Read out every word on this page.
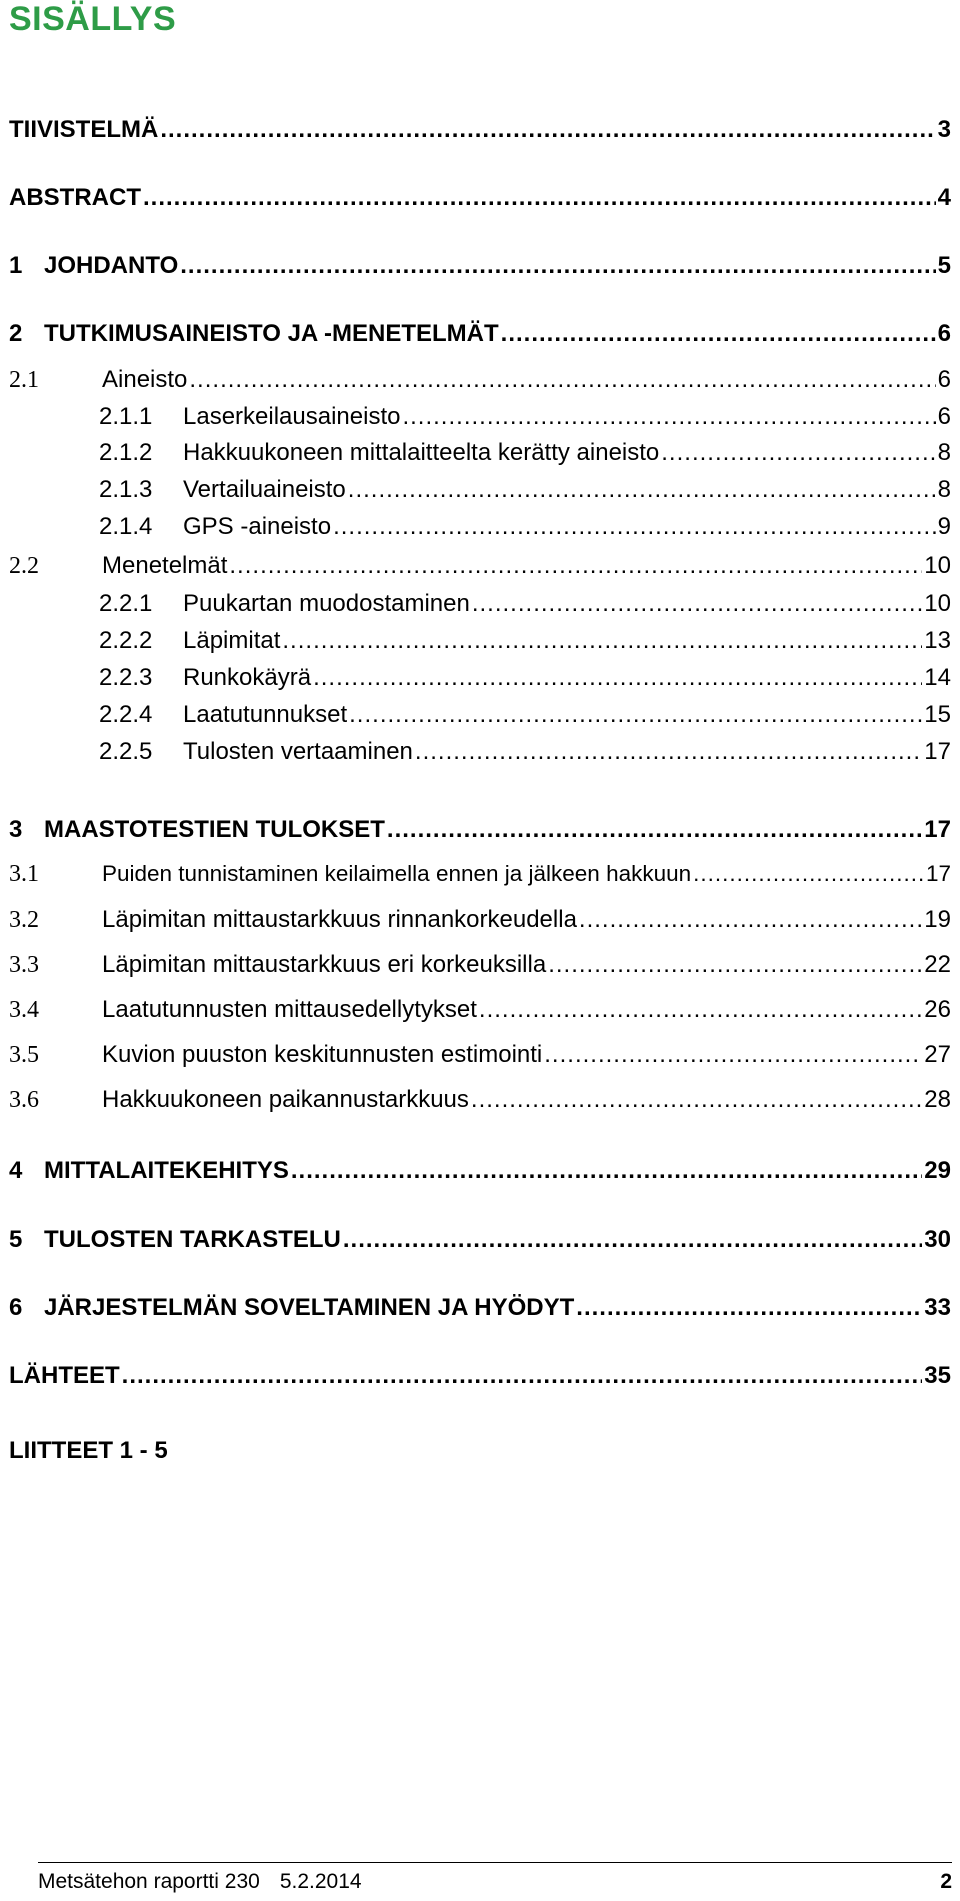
SISÄLLYS
TIIVISTELMÄ .....	3
ABSTRACT .....	4
1 JOHDANTO .....	5
2 TUTKIMUSAINEISTO JA -MENETELMÄT .....	6
2.1	Aineisto .....	6
2.1.1	Laserkeilausaineisto .....	6
2.1.2	Hakkuukoneen mittalaitteelta kerätty aineisto .....	8
2.1.3	Vertailuaineisto .....	8
2.1.4	GPS -aineisto .....	9
2.2	Menetelmät .....	10
2.2.1	Puukartan muodostaminen .....	10
2.2.2	Läpimitat .....	13
2.2.3	Runkokäyrä .....	14
2.2.4	Laatutunnukset .....	15
2.2.5	Tulosten vertaaminen .....	17
3 MAASTOTESTIEN TULOKSET .....	17
3.1	Puiden tunnistaminen keilaimella ennen ja jälkeen hakkuun .....	17
3.2	Läpimitan mittaustarkkuus rinnankorkeudella .....	19
3.3	Läpimitan mittaustarkkuus eri korkeuksilla .....	22
3.4	Laatutunnusten mittausedellytykset .....	26
3.5	Kuvion puuston keskitunnusten estimointi .....	27
3.6	Hakkuukoneen paikannustarkkuus .....	28
4 MITTALAITEKEHITYS .....	29
5 TULOSTEN TARKASTELU .....	30
6 JÄRJESTELMÄN SOVELTAMINEN JA HYÖDYT .....	33
LÄHTEET .....	35
LIITTEET 1 - 5
Metsätehon raportti 230 5.2.2014	2
